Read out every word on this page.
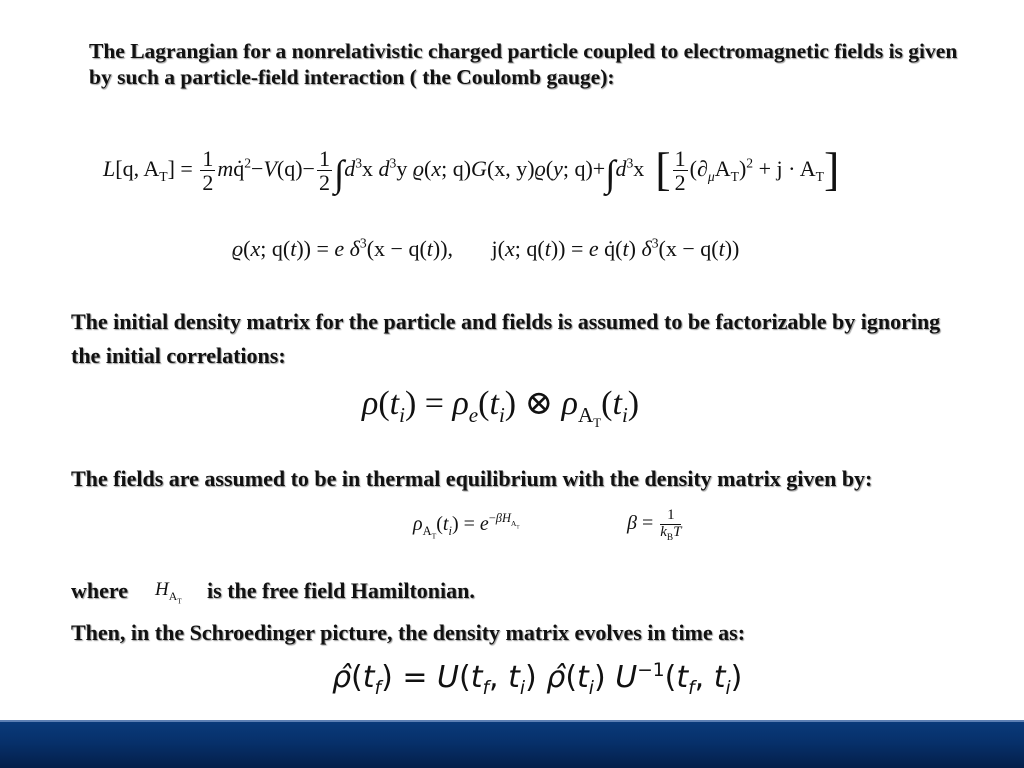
The Lagrangian for a nonrelativistic charged particle coupled to electromagnetic fields is given by such a particle-field interaction ( the Coulomb gauge):

L[q, $A_T] = \frac{1}{2}$ mq̇$^2$−V(q)− $\frac{1}{2} \int d^3x$ $d^3y$ ϱ(x; q)G(x, y)ϱ(y; $q)+\int d^3x$  [ $\frac{1}{2} (\partial_\mu A_T)^2 + j \cdot A_T$]
ϱ(x; q(t)) = e $\delta^3(x - q(t))$,       j(x; q(t)) = e q̇(t) $\delta^3(x - q(t))$

The initial density matrix for the particle and fields is assumed to be factorizable by ignoring the initial correlations:

$\rho(t_i) = \rho_e(t_i)$ ⊗ $\rho_{A_T}(t_i)$

The fields are assumed to be in thermal equilibrium with the density matrix given by:

$\rho_{A_T}(t_i) = e^{-\beta H_{A_T}}$	$\beta = \frac{1}{k_BT}$

where	is the free field Hamiltonian.

$H_{A_T}$

Then, in the Schroedinger picture, the density matrix evolves in time as:

$\rhô(t_f) = U(t_f$, $t_i$) $\rhô(t_i)$ $U^{-1}(t_f$, $t_i$)
